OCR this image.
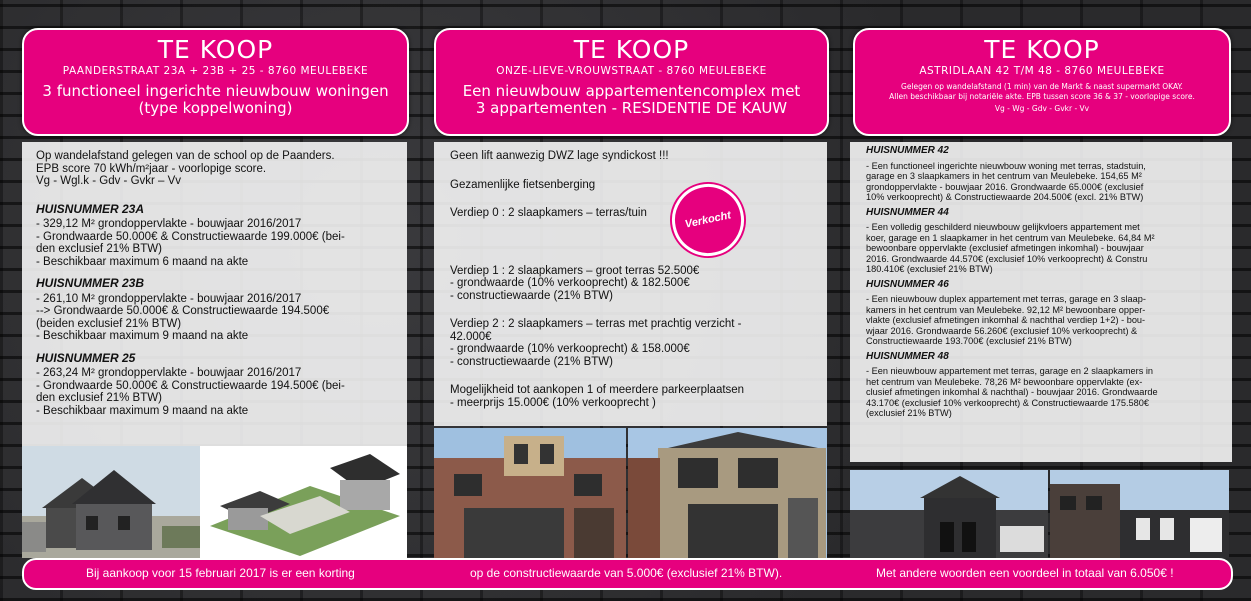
TE KOOP
PAANDERSTRAAT 23A + 23B + 25 - 8760 MEULEBEKE
3 functioneel ingerichte nieuwbouw woningen
(type koppelwoning)
TE KOOP
ONZE-LIEVE-VROUWSTRAAT - 8760 MEULEBEKE
Een nieuwbouw appartementencomplex met
3 appartementen - RESIDENTIE DE KAUW
TE KOOP
ASTRIDLAAN 42 T/M 48 - 8760 MEULEBEKE
Gelegen op wandelafstand (1 min) van de Markt & naast supermarkt OKAY.
Allen beschikbaar bij notariële akte. EPB tussen score 36 & 37 - voorlopige score.
Vg - Wg - Gdv - Gvkr - Vv
Op wandelafstand gelegen van de school op de Paanders.
EPB score 70 kWh/m²jaar - voorlopige score.
Vg - Wgl.k - Gdv - Gvkr – Vv
HUISNUMMER 23A
- 329,12 M² grondoppervlakte - bouwjaar 2016/2017
- Grondwaarde 50.000€ & Constructiewaarde 199.000€ (bei-
den exclusief 21% BTW)
- Beschikbaar maximum 6 maand na akte
HUISNUMMER 23B
- 261,10 M² grondoppervlakte - bouwjaar 2016/2017
--> Grondwaarde 50.000€ & Constructiewaarde 194.500€
(beiden exclusief 21% BTW)
- Beschikbaar maximum 9 maand na akte
HUISNUMMER 25
- 263,24 M² grondoppervlakte - bouwjaar 2016/2017
- Grondwaarde 50.000€ & Constructiewaarde 194.500€ (bei-
den exclusief 21% BTW)
- Beschikbaar maximum 9 maand na akte
Geen lift aanwezig DWZ lage syndickost !!!
Gezamenlijke fietsenberging
Verdiep 0 : 2 slaapkamers – terras/tuin
Verdiep 1 : 2 slaapkamers – groot terras 52.500€
- grondwaarde (10% verkooprecht) & 182.500€
- constructiewaarde (21% BTW)
Verdiep 2 : 2 slaapkamers – terras met prachtig verzicht -
42.000€
- grondwaarde (10% verkooprecht) & 158.000€
- constructiewaarde (21% BTW)
Mogelijkheid tot aankopen 1 of meerdere parkeerplaatsen
- meerprijs 15.000€ (10% verkooprecht )
Verkocht
HUISNUMMER 42
- Een functioneel ingerichte nieuwbouw woning met terras, stadstuin,
garage en 3 slaapkamers in het centrum van Meulebeke. 154,65 M²
grondoppervlakte - bouwjaar 2016. Grondwaarde 65.000€ (exclusief
10% verkooprecht) & Constructiewaarde 204.500€ (excl. 21% BTW)
HUISNUMMER 44
- Een volledig geschilderd nieuwbouw gelijkvloers appartement met
koer, garage en 1 slaapkamer in het centrum van Meulebeke. 64,84 M²
bewoonbare oppervlakte (exclusief afmetingen inkomhal) - bouwjaar
2016. Grondwaarde 44.570€ (exclusief 10% verkooprecht) & Constru
180.410€ (exclusief 21% BTW)
HUISNUMMER 46
- Een nieuwbouw duplex appartement met terras, garage en 3 slaap-
kamers in het centrum van Meulebeke. 92,12 M² bewoonbare opper-
vlakte (exclusief afmetingen inkomhal & nachthal verdiep 1+2) - bou-
wjaar 2016. Grondwaarde 56.260€ (exclusief 10% verkooprecht) &
Constructiewaarde 193.700€ (exclusief 21% BTW)
HUISNUMMER 48
- Een nieuwbouw appartement met terras, garage en 2 slaapkamers in
het centrum van Meulebeke. 78,26 M² bewoonbare oppervlakte (ex-
clusief afmetingen inkomhal & nachthal) - bouwjaar 2016. Grondwaarde
43.170€ (exclusief 10% verkooprecht) & Constructiewaarde 175.580€
(exclusief 21% BTW)
Bij aankoop voor 15 februari 2017 is er een korting	op de constructiewaarde van 5.000€ (exclusief 21% BTW).	Met andere woorden een voordeel in totaal van 6.050€ !
